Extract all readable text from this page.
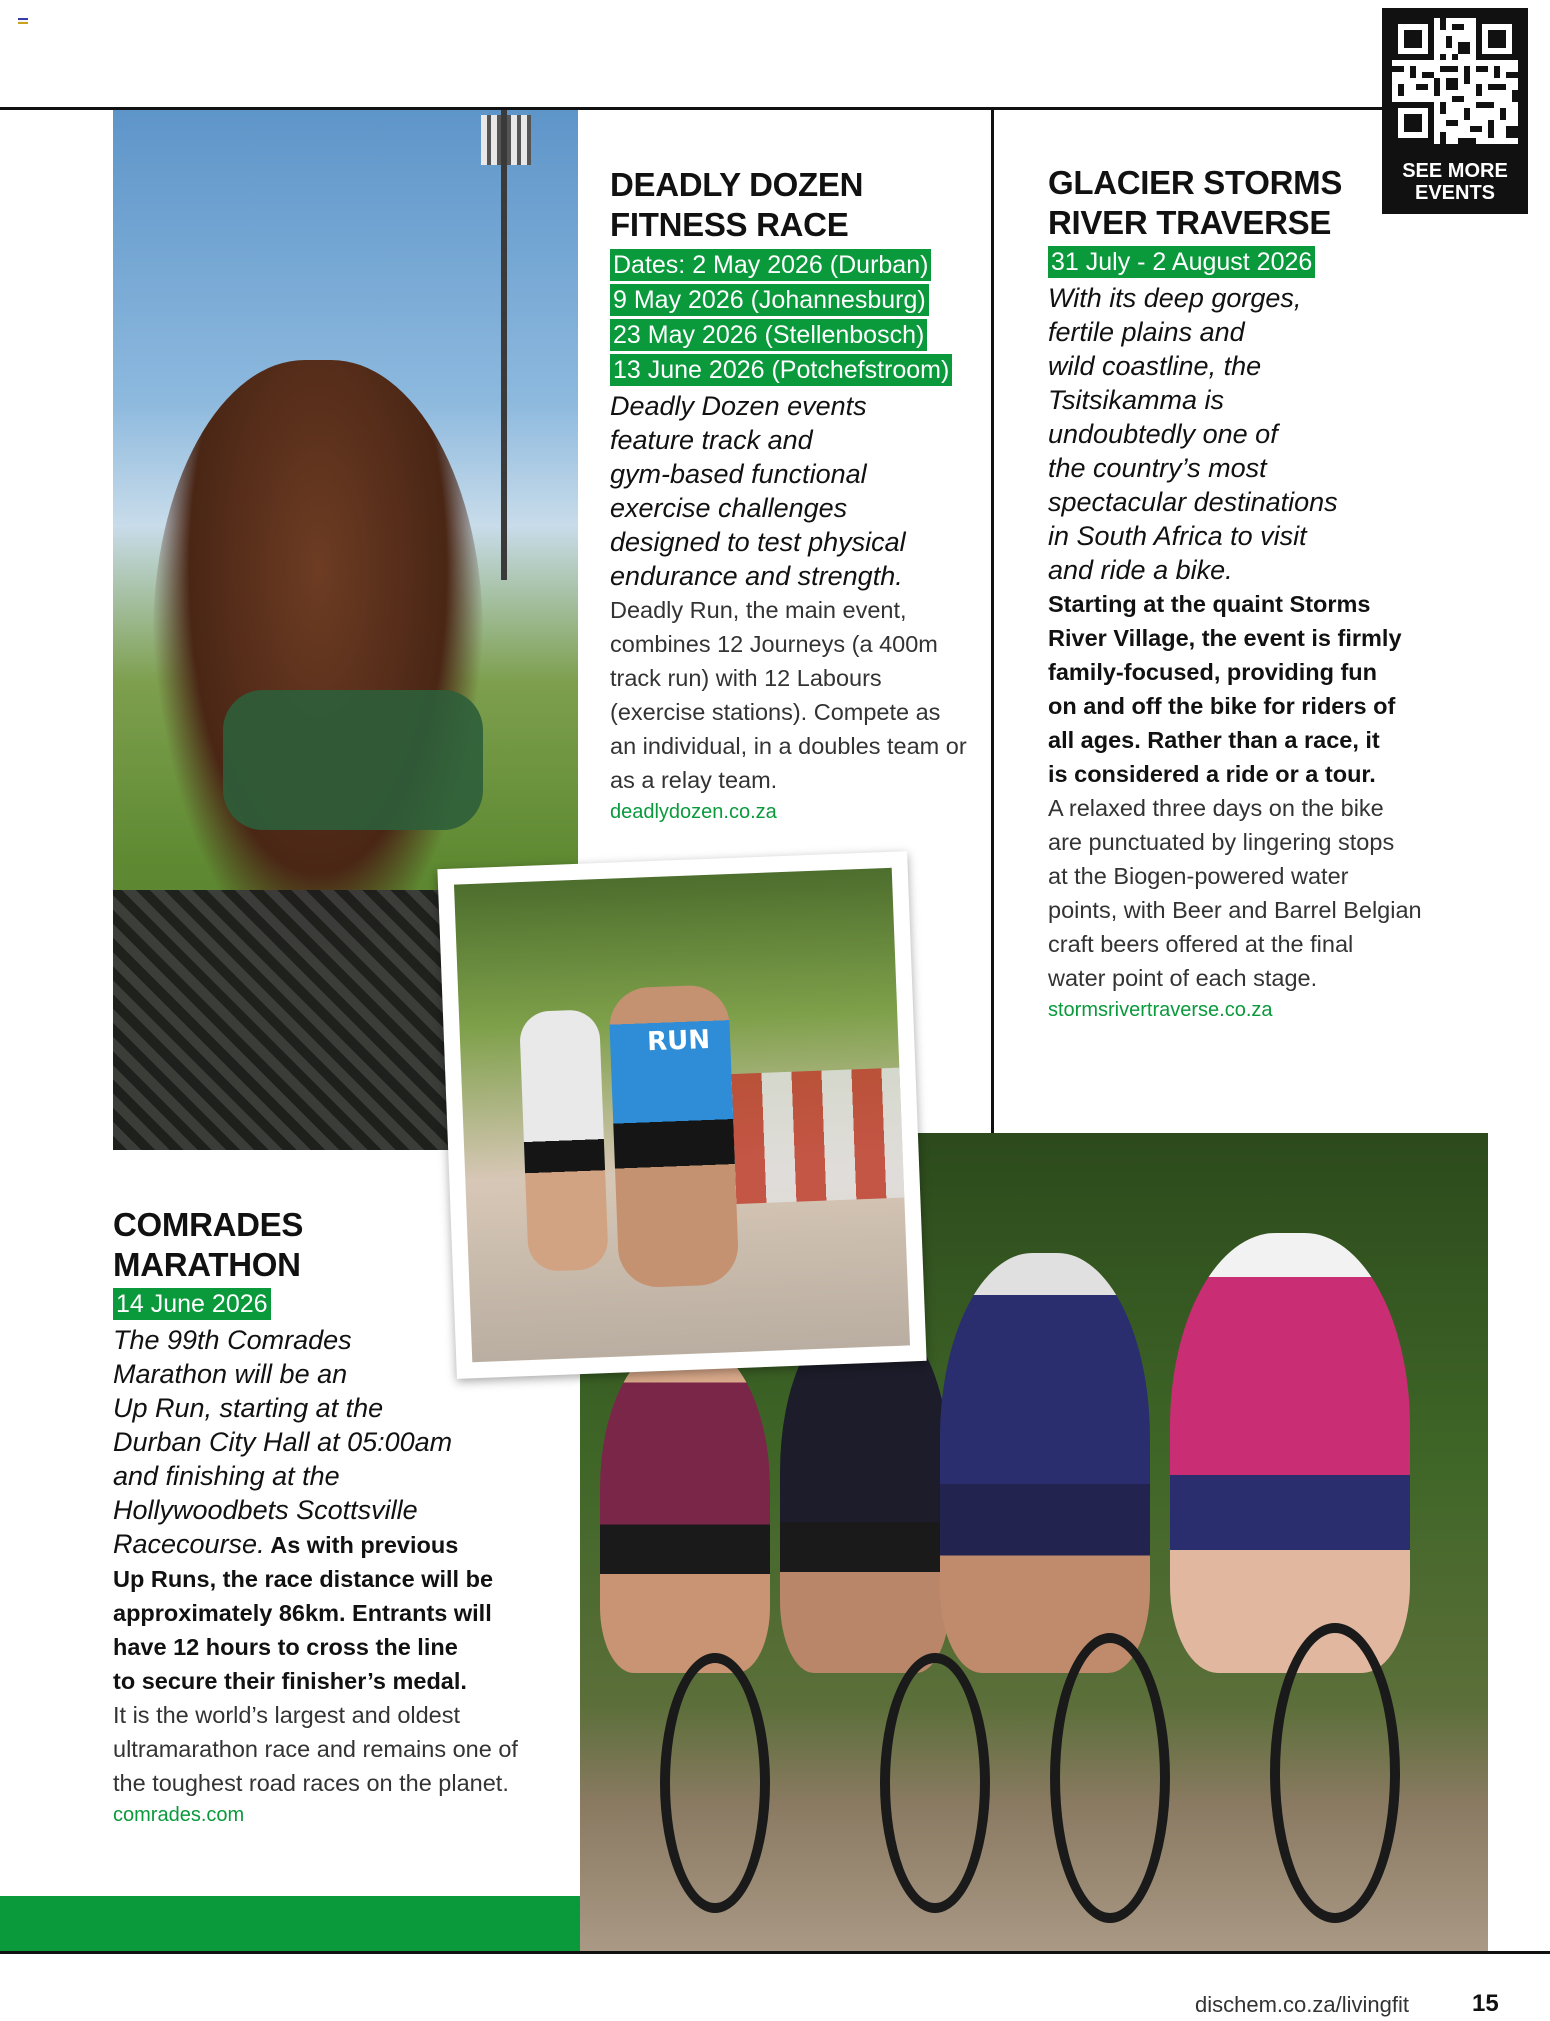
SEE MORE
EVENTS
RUN
DEADLY DOZEN
FITNESS RACE
Dates: 2 May 2026 (Durban)
9 May 2026 (Johannesburg)
23 May 2026 (Stellenbosch)
13 June 2026 (Potchefstroom)
Deadly Dozen events
feature track and
gym-based functional
exercise challenges
designed to test physical
endurance and strength.
Deadly Run, the main event,
combines 12 Journeys (a 400m
track run) with 12 Labours
(exercise stations). Compete as
an individual, in a doubles team or
as a relay team.
deadlydozen.co.za
GLACIER STORMS
RIVER TRAVERSE
31 July - 2 August 2026
With its deep gorges,
fertile plains and
wild coastline, the
Tsitsikamma is
undoubtedly one of
the country’s most
spectacular destinations
in South Africa to visit
and ride a bike.
Starting at the quaint Storms
River Village, the event is firmly
family-focused, providing fun
on and off the bike for riders of
all ages. Rather than a race, it
is considered a ride or a tour.
A relaxed three days on the bike
are punctuated by lingering stops
at the Biogen-powered water
points, with Beer and Barrel Belgian
craft beers offered at the final
water point of each stage.
stormsrivertraverse.co.za
COMRADES
MARATHON
14 June 2026
The 99th Comrades
Marathon will be an
Up Run, starting at the
Durban City Hall at 05:00am
and finishing at the
Hollywoodbets Scottsville
Racecourse. As with previous
Up Runs, the race distance will be
approximately 86km. Entrants will
have 12 hours to cross the line
to secure their finisher’s medal.
It is the world’s largest and oldest
ultramarathon race and remains one of
the toughest road races on the planet.
comrades.com
dischem.co.za/livingfit	15
